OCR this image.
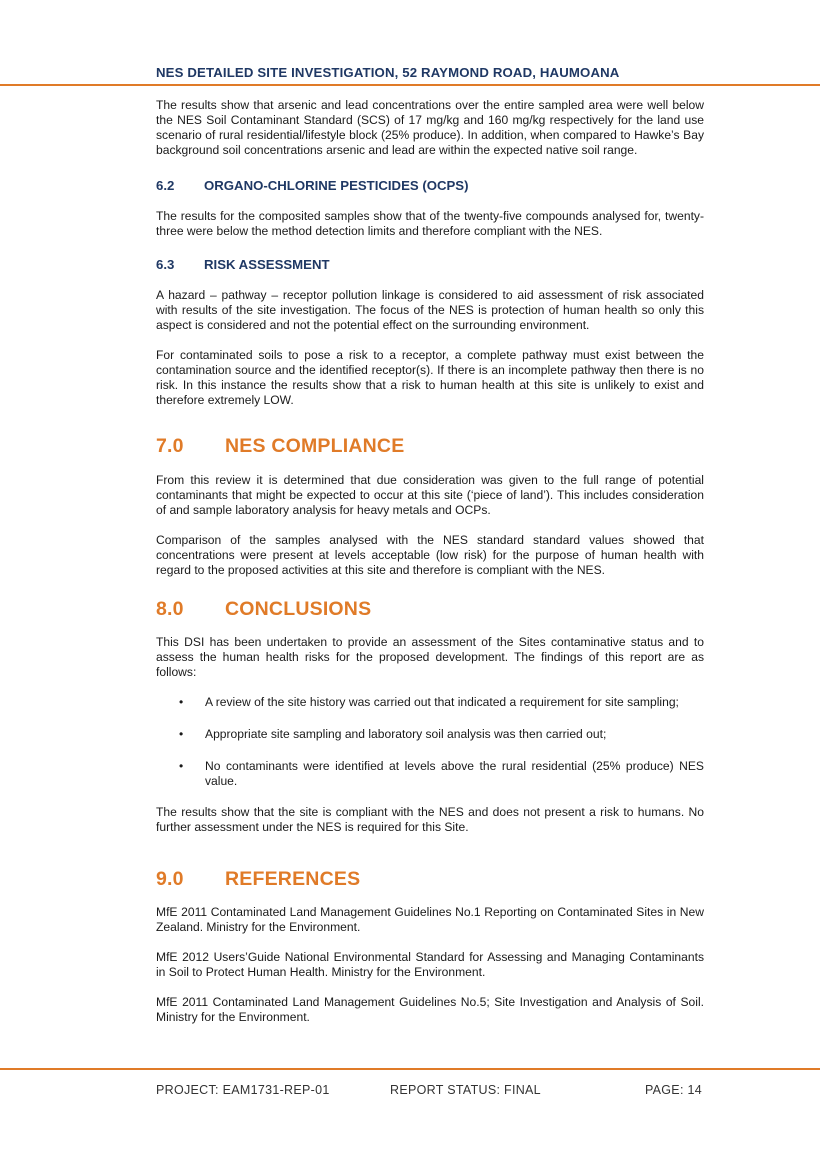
NES DETAILED SITE INVESTIGATION, 52 RAYMOND ROAD, HAUMOANA

The results show that arsenic and lead concentrations over the entire sampled area were well below the NES Soil Contaminant Standard (SCS) of 17 mg/kg and 160 mg/kg respectively for the land use scenario of rural residential/lifestyle block (25% produce). In addition, when compared to Hawke’s Bay background soil concentrations arsenic and lead are within the expected native soil range.

6.2	ORGANO-CHLORINE PESTICIDES (OCPS)

The results for the composited samples show that of the twenty-five compounds analysed for, twenty-three were below the method detection limits and therefore compliant with the NES.

6.3	RISK ASSESSMENT

A hazard – pathway – receptor pollution linkage is considered to aid assessment of risk associated with results of the site investigation. The focus of the NES is protection of human health so only this aspect is considered and not the potential effect on the surrounding environment.

For contaminated soils to pose a risk to a receptor, a complete pathway must exist between the contamination source and the identified receptor(s). If there is an incomplete pathway then there is no risk. In this instance the results show that a risk to human health at this site is unlikely to exist and therefore extremely LOW.

7.0	NES COMPLIANCE

From this review it is determined that due consideration was given to the full range of potential contaminants that might be expected to occur at this site (‘piece of land’). This includes consideration of and sample laboratory analysis for heavy metals and OCPs.

Comparison of the samples analysed with the NES standard standard values showed that concentrations were present at levels acceptable (low risk) for the purpose of human health with regard to the proposed activities at this site and therefore is compliant with the NES.

8.0	CONCLUSIONS

This DSI has been undertaken to provide an assessment of the Sites contaminative status and to assess the human health risks for the proposed development. The findings of this report are as follows:

• A review of the site history was carried out that indicated a requirement for site sampling;
• Appropriate site sampling and laboratory soil analysis was then carried out;
• No contaminants were identified at levels above the rural residential (25% produce) NES value.

The results show that the site is compliant with the NES and does not present a risk to humans. No further assessment under the NES is required for this Site.

9.0	REFERENCES

MfE 2011 Contaminated Land Management Guidelines No.1 Reporting on Contaminated Sites in New Zealand. Ministry for the Environment.

MfE 2012 Users’Guide National Environmental Standard for Assessing and Managing Contaminants in Soil to Protect Human Health. Ministry for the Environment.

MfE 2011 Contaminated Land Management Guidelines No.5; Site Investigation and Analysis of Soil. Ministry for the Environment.

PROJECT: EAM1731-REP-01	REPORT STATUS: FINAL	PAGE: 14
